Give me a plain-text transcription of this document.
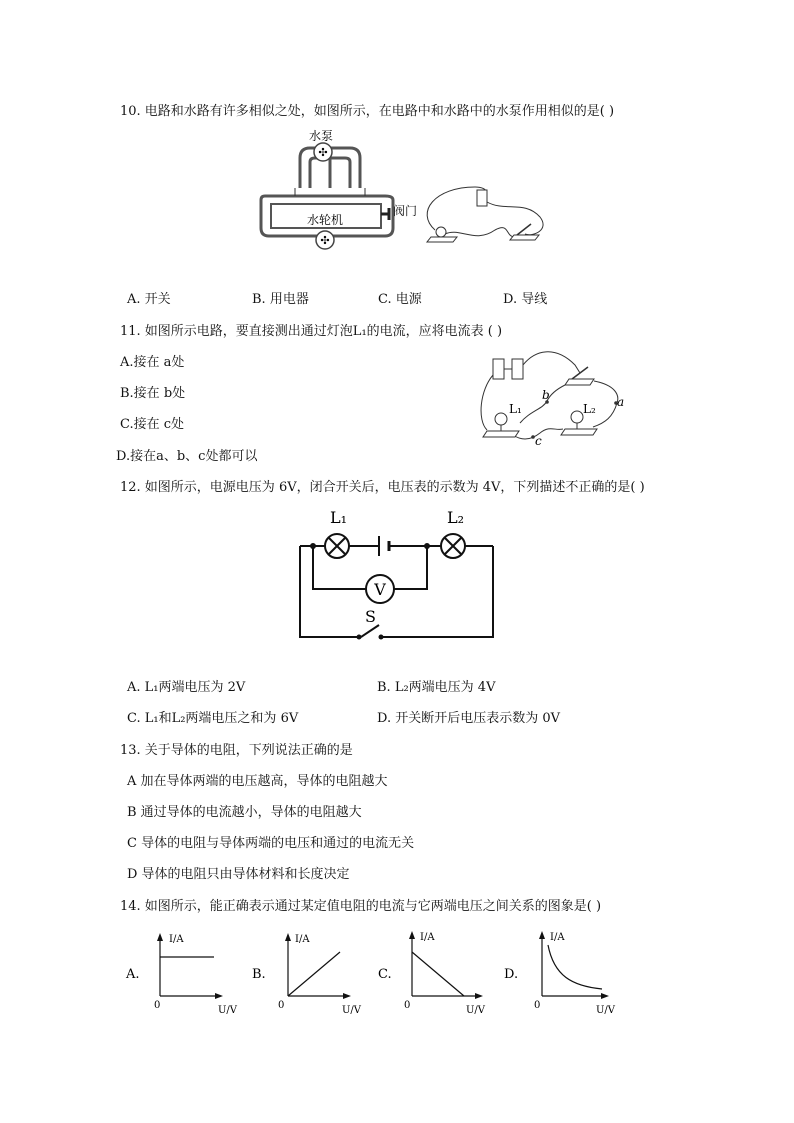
10. 电路和水路有许多相似之处，如图所示，在电路中和水路中的水泵作用相似的是( )
✣
水泵
水轮机
✣
阀门
A. 开关	B. 用电器	C. 电源	D. 导线
11. 如图所示电路，要直接测出通过灯泡L₁的电流，应将电流表 ( )
A.接在 a处
B.接在 b处
C.接在 c处
D.接在a、b、c处都可以
L₁	L₂
b	a
c
12. 如图所示，电源电压为 6V，闭合开关后，电压表的示数为 4V，下列描述不正确的是( )
V
L₁	L₂
S
A. L₁两端电压为 2V	B. L₂两端电压为 4V
C. L₁和L₂两端电压之和为 6V	D. 开关断开后电压表示数为 0V
13. 关于导体的电阻，下列说法正确的是
A 加在导体两端的电压越高，导体的电阻越大
B 通过导体的电流越小，导体的电阻越大
C 导体的电阻与导体两端的电压和通过的电流无关
D 导体的电阻只由导体材料和长度决定
14. 如图所示，能正确表示通过某定值电阻的电流与它两端电压之间关系的图象是( )
A.
I/A
U/V
0
B.
I/A
U/V
0
C.
I/A
U/V
0
D.
I/A
U/V
0
